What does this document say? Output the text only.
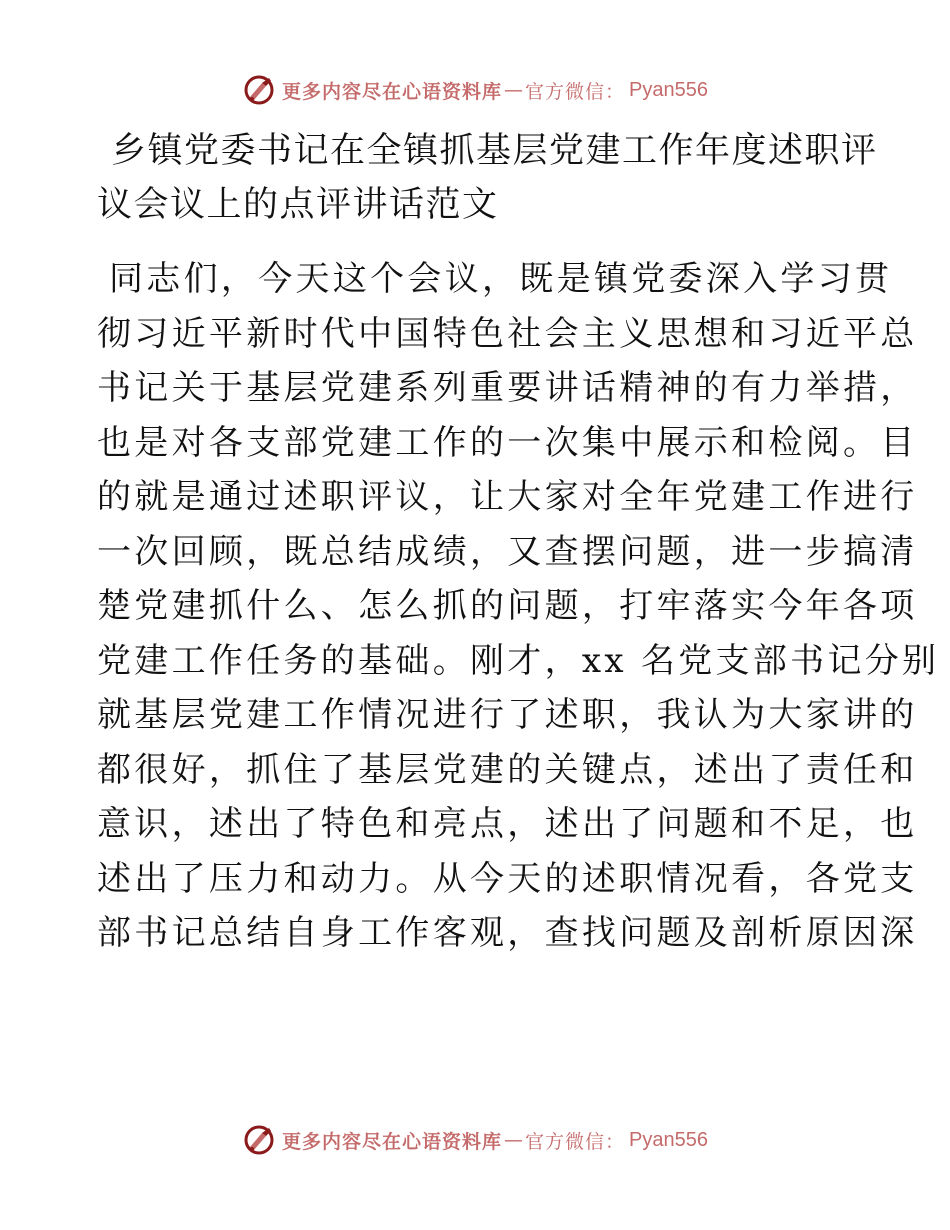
更多内容尽在心语资料库 — 官方微信： Pyan556
乡镇党委书记在全镇抓基层党建工作年度述职评
议会议上的点评讲话范文
同志们，今天这个会议，既是镇党委深入学习贯
彻习近平新时代中国特色社会主义思想和习近平总
书记关于基层党建系列重要讲话精神的有力举措，
也是对各支部党建工作的一次集中展示和检阅。目
的就是通过述职评议，让大家对全年党建工作进行
一次回顾，既总结成绩，又查摆问题，进一步搞清
楚党建抓什么、怎么抓的问题，打牢落实今年各项
党建工作任务的基础。刚才，xx 名党支部书记分别
就基层党建工作情况进行了述职，我认为大家讲的
都很好，抓住了基层党建的关键点，述出了责任和
意识，述出了特色和亮点，述出了问题和不足，也
述出了压力和动力。从今天的述职情况看，各党支
部书记总结自身工作客观，查找问题及剖析原因深
更多内容尽在心语资料库 — 官方微信： Pyan556
